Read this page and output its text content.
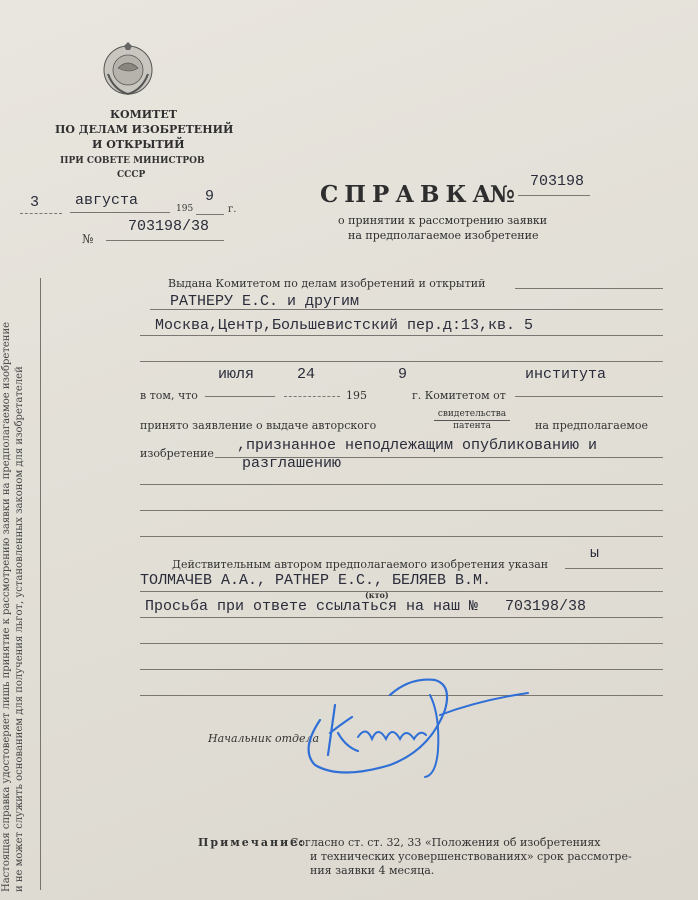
КОМИТЕТ
ПО ДЕЛАМ ИЗОБРЕТЕНИЙ
И ОТКРЫТИЙ
ПРИ СОВЕТЕ МИНИСТРОВ
СССР
3 августа	195
9
г.
№
703198/38
СПРАВКА
№ 703198
о принятии к рассмотрению заявки
на предполагаемое изобретение
Настоящая справка удостоверяет лишь принятие к рассмотрению заявки на предполагаемое изобретение и не может служить основанием для получения льгот, установленных законом для изобретателей
Выдана Комитетом по делам изобретений и открытий
РАТНЕРУ Е.С. и другим
Москва,Центр,Большевистский пер.д:13,кв. 5
в том, что
июля	24
195
9
г. Комитетом от
института
принято заявление о выдаче авторского
свидетельства
патента	на предполагаемое
изобретение ,признанное неподлежащим опубликованию и
разглашению
Действительным автором предполагаемого изобретения указан
ы
ТОЛМАЧЕВ А.А., РАТНЕР Е.С., БЕЛЯЕВ В.М.
Просьба при ответе ссылаться на наш №
(кто)
703198/38
Начальник отдела
Примечание:
Согласно ст. ст. 32, 33 «Положения об изобретениях
и технических усовершенствованиях» срок рассмотре-
ния заявки 4 месяца.
